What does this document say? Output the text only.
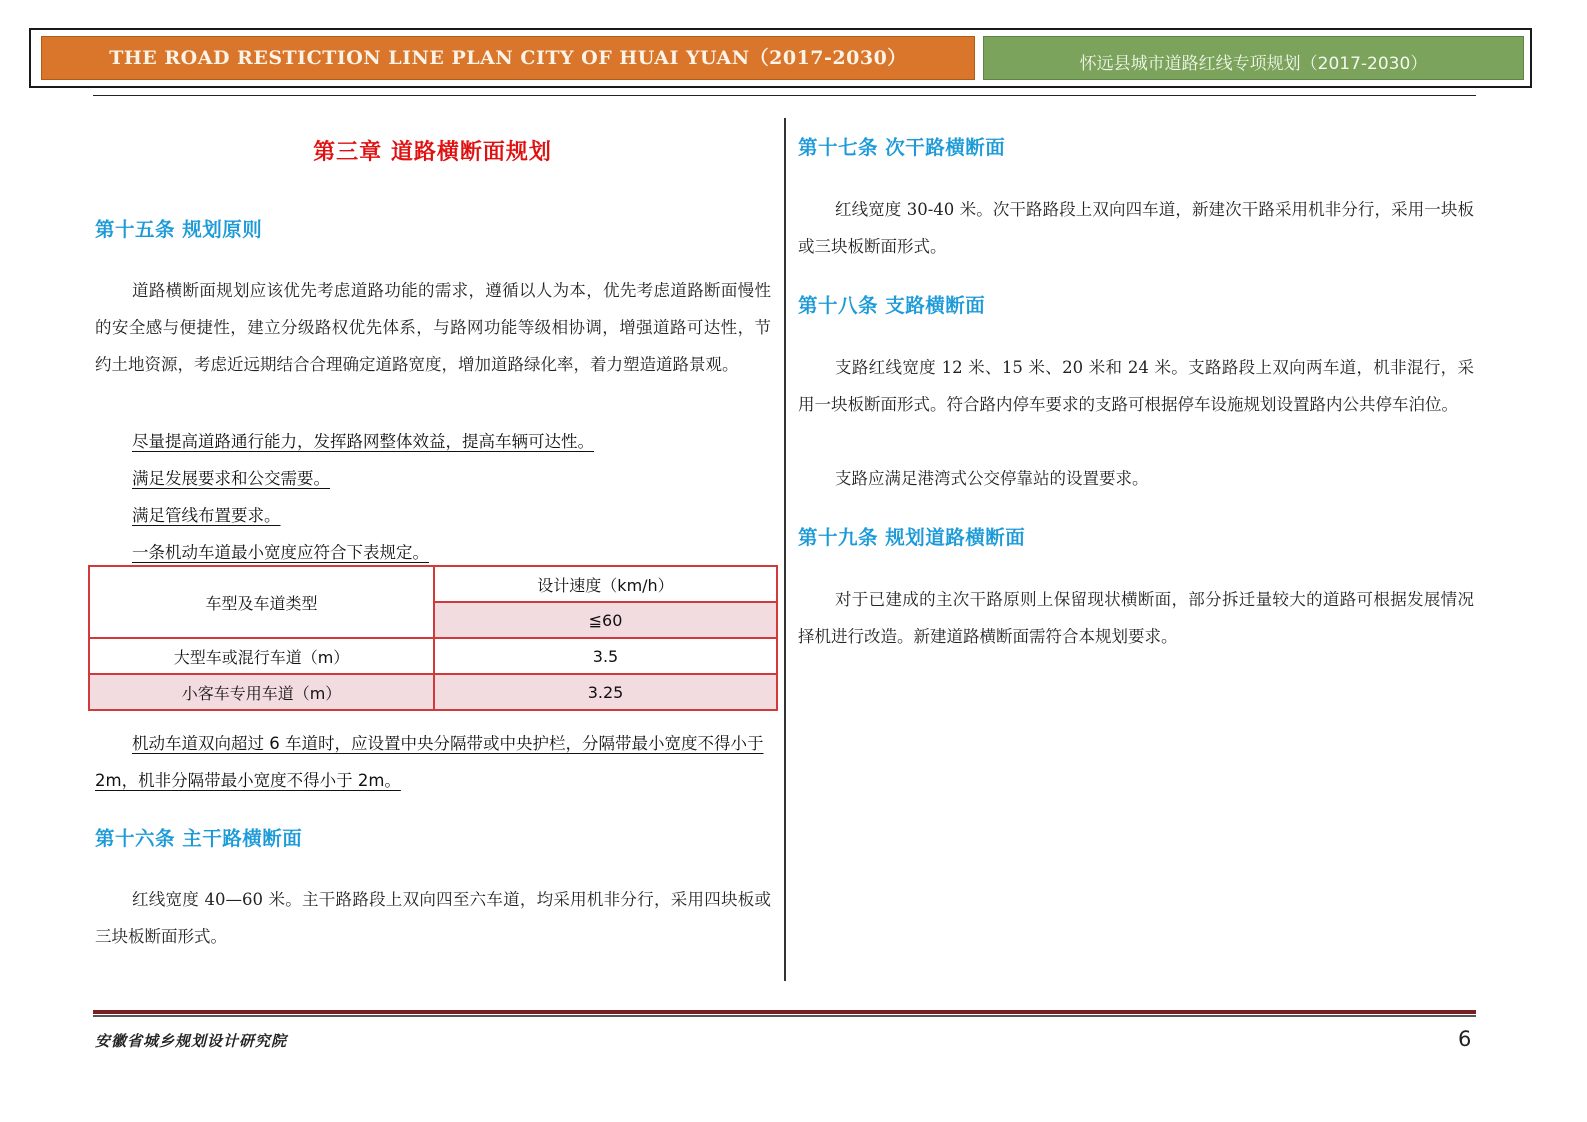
THE ROAD RESTICTION LINE PLAN CITY OF HUAI YUAN（2017-2030）	怀远县城市道路红线专项规划（2017-2030）
第三章 道路横断面规划
第十五条 规划原则

道路横断面规划应该优先考虑道路功能的需求，遵循以人为本，优先考虑道路断面慢性的安全感与便捷性，建立分级路权优先体系，与路网功能等级相协调，增强道路可达性，节约土地资源，考虑近远期结合合理确定道路宽度，增加道路绿化率，着力塑造道路景观。

尽量提高道路通行能力，发挥路网整体效益，提高车辆可达性。
满足发展要求和公交需要。
满足管线布置要求。
一条机动车道最小宽度应符合下表规定。
车型及车道类型	设计速度（km/h）
	≦60
大型车或混行车道（m）	3.5
小客车专用车道（m）	3.25
机动车道双向超过 6 车道时，应设置中央分隔带或中央护栏，分隔带最小宽度不得小于 2m，机非分隔带最小宽度不得小于 2m。
第十六条 主干路横断面

红线宽度 40—60 米。主干路路段上双向四至六车道，均采用机非分行，采用四块板或三块板断面形式。

第十七条 次干路横断面

红线宽度 30-40 米。次干路路段上双向四车道，新建次干路采用机非分行，采用一块板或三块板断面形式。

第十八条 支路横断面

支路红线宽度 12 米、15 米、20 米和 24 米。支路路段上双向两车道，机非混行，采用一块板断面形式。符合路内停车要求的支路可根据停车设施规划设置路内公共停车泊位。

支路应满足港湾式公交停靠站的设置要求。

第十九条 规划道路横断面

对于已建成的主次干路原则上保留现状横断面，部分拆迁量较大的道路可根据发展情况择机进行改造。新建道路横断面需符合本规划要求。

安徽省城乡规划设计研究院	6
